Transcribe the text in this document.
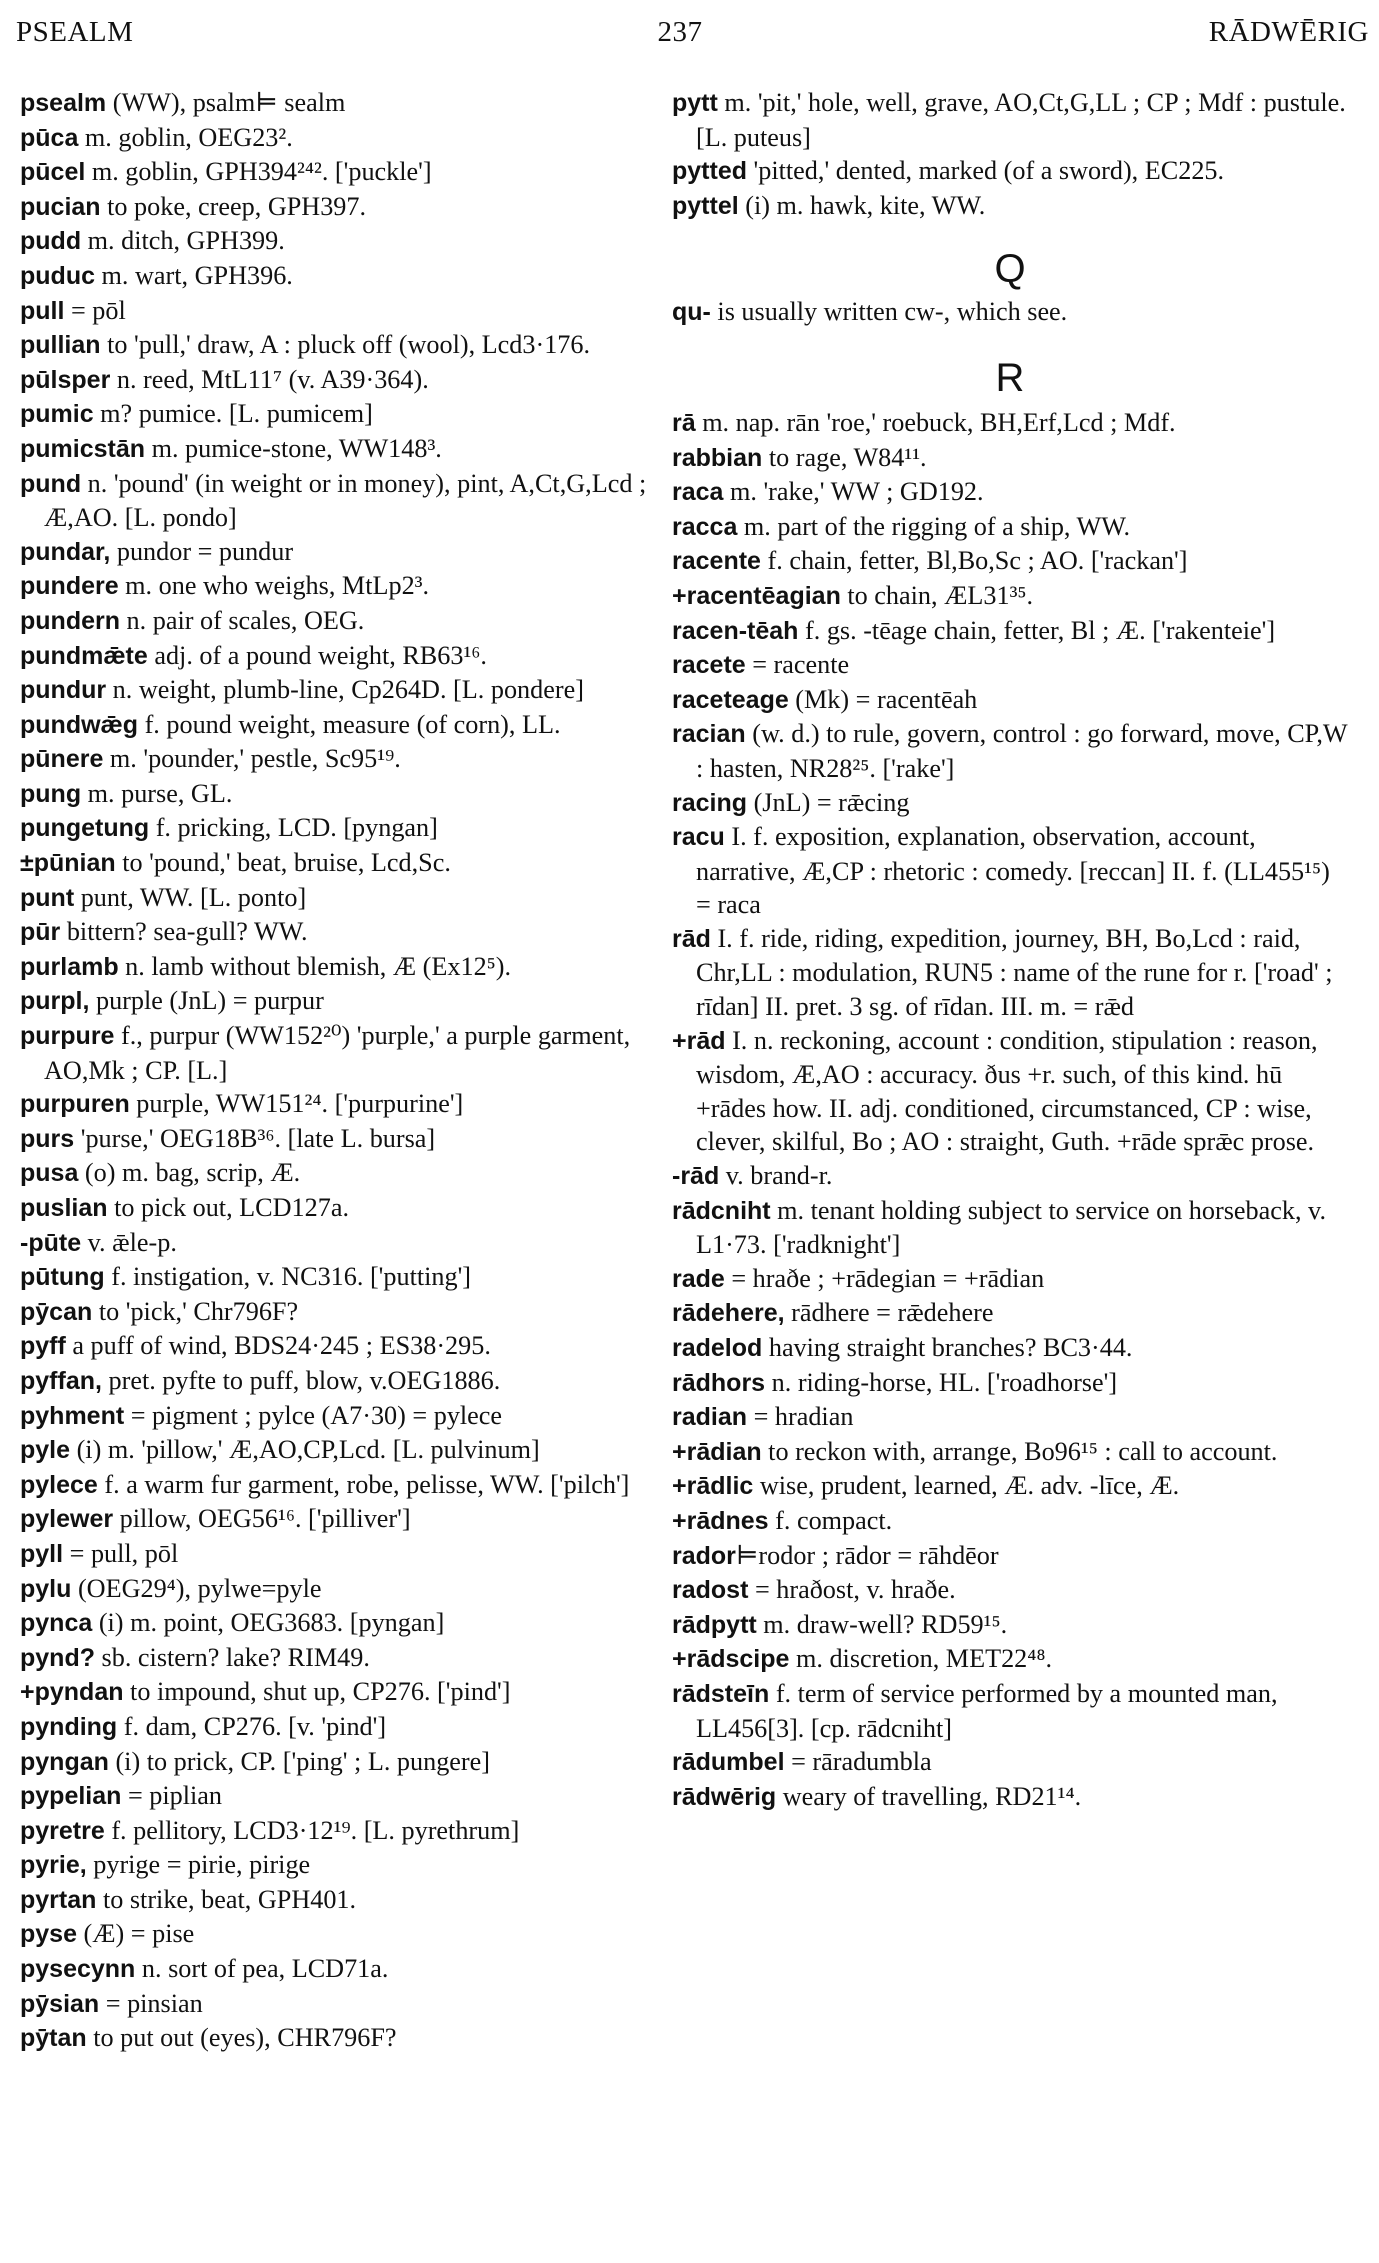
PSEALM	237	RĀDWĒRIG

psealm (WW), psalm⊨ sealm

pūca m. goblin, OEG23².

pūcel m. goblin, GPH394²⁴². ['puckle']

pucian to poke, creep, GPH397.

pudd m. ditch, GPH399.

puduc m. wart, GPH396.

pull = pōl

pullian to 'pull,' draw, A : pluck off (wool), Lcd3·176.

pūlsper n. reed, MtL11⁷ (v. A39·364).

pumic m? pumice. [L. pumicem]

pumicstān m. pumice-stone, WW148³.

pund n. 'pound' (in weight or in money), pint, A,Ct,G,Lcd ; Æ,AO. [L. pondo]

pundar, pundor = pundur

pundere m. one who weighs, MtLp2³.

pundern n. pair of scales, OEG.

pundmǣte adj. of a pound weight, RB63¹⁶.

pundur n. weight, plumb-line, Cp264D. [L. pondere]

pundwǣg f. pound weight, measure (of corn), LL.

pūnere m. 'pounder,' pestle, Sc95¹⁹.

pung m. purse, GL.

pungetung f. pricking, LCD. [pyngan]

±pūnian to 'pound,' beat, bruise, Lcd,Sc.

punt punt, WW. [L. ponto]

pūr bittern? sea-gull? WW.

purlamb n. lamb without blemish, Æ (Ex12⁵).

purpl, purple (JnL) = purpur

purpure f., purpur (WW152²⁰) 'purple,' a purple garment, AO,Mk ; CP. [L.]

purpuren purple, WW151²⁴. ['purpurine']

purs 'purse,' OEG18B³⁶. [late L. bursa]

pusa (o) m. bag, scrip, Æ.

puslian to pick out, LCD127a.

-pūte v. ǣle-p.

pūtung f. instigation, v. NC316. ['putting']

pȳcan to 'pick,' Chr796F?

pyff a puff of wind, BDS24·245 ; ES38·295.

pyffan, pret. pyfte to puff, blow, v.OEG1886.

pyhment = pigment ; pylce (A7·30) = pylece

pyle (i) m. 'pillow,' Æ,AO,CP,Lcd. [L. pulvinum]

pylece f. a warm fur garment, robe, pelisse, WW. ['pilch']

pylewer pillow, OEG56¹⁶. ['pilliver']

pyll = pull, pōl

pylu (OEG29⁴), pylwe=pyle

pynca (i) m. point, OEG3683. [pyngan]

pynd? sb. cistern? lake? RIM49.

+pyndan to impound, shut up, CP276. ['pind']

pynding f. dam, CP276. [v. 'pind']

pyngan (i) to prick, CP. ['ping' ; L. pungere]

pypelian = piplian

pyretre f. pellitory, LCD3·12¹⁹. [L. pyrethrum]

pyrie, pyrige = pirie, pirige

pyrtan to strike, beat, GPH401.

pyse (Æ) = pise

pysecynn n. sort of pea, LCD71a.

pȳsian = pinsian

pȳtan to put out (eyes), CHR796F?

pytt m. 'pit,' hole, well, grave, AO,Ct,G,LL ; CP ; Mdf : pustule. [L. puteus]

pytted 'pitted,' dented, marked (of a sword), EC225.

pyttel (i) m. hawk, kite, WW.

Q

qu- is usually written cw-, which see.

R

rā m. nap. rān 'roe,' roebuck, BH,Erf,Lcd ; Mdf.

rabbian to rage, W84¹¹.

raca m. 'rake,' WW ; GD192.

racca m. part of the rigging of a ship, WW.

racente f. chain, fetter, Bl,Bo,Sc ; AO. ['rackan']

+racentēagian to chain, ÆL31³⁵.

racen-tēah f. gs. -tēage chain, fetter, Bl ; Æ. ['rakenteie']

racete = racente

raceteage (Mk) = racentēah

racian (w. d.) to rule, govern, control : go forward, move, CP,W : hasten, NR28²⁵. ['rake']

racing (JnL) = rǣcing

racu I. f. exposition, explanation, observation, account, narrative, Æ,CP : rhetoric : comedy. [reccan] II. f. (LL455¹⁵) = raca

rād I. f. ride, riding, expedition, journey, BH, Bo,Lcd : raid, Chr,LL : modulation, RUN5 : name of the rune for r. ['road' ; rīdan] II. pret. 3 sg. of rīdan. III. m. = rǣd

+rād I. n. reckoning, account : condition, stipulation : reason, wisdom, Æ,AO : accuracy. ðus +r. such, of this kind. hū +rādes how. II. adj. conditioned, circumstanced, CP : wise, clever, skilful, Bo ; AO : straight, Guth. +rāde sprǣc prose.

-rād v. brand-r.

rādcniht m. tenant holding subject to service on horseback, v. L1·73. ['radknight']

rade = hraðe ; +rādegian = +rādian

rādehere, rādhere = rǣdehere

radelod having straight branches? BC3·44.

rādhors n. riding-horse, HL. ['roadhorse']

radian = hradian

+rādian to reckon with, arrange, Bo96¹⁵ : call to account.

+rādlic wise, prudent, learned, Æ. adv. -līce, Æ.

+rādnes f. compact.

rador⊨rodor ; rādor = rāhdēor

radost = hraðost, v. hraðe.

rādpytt m. draw-well? RD59¹⁵.

+rādscipe m. discretion, MET22⁴⁸.

rādsteīn f. term of service performed by a mounted man, LL456[3]. [cp. rādcniht]

rādumbel = rāradumbla

rādwērig weary of travelling, RD21¹⁴.
